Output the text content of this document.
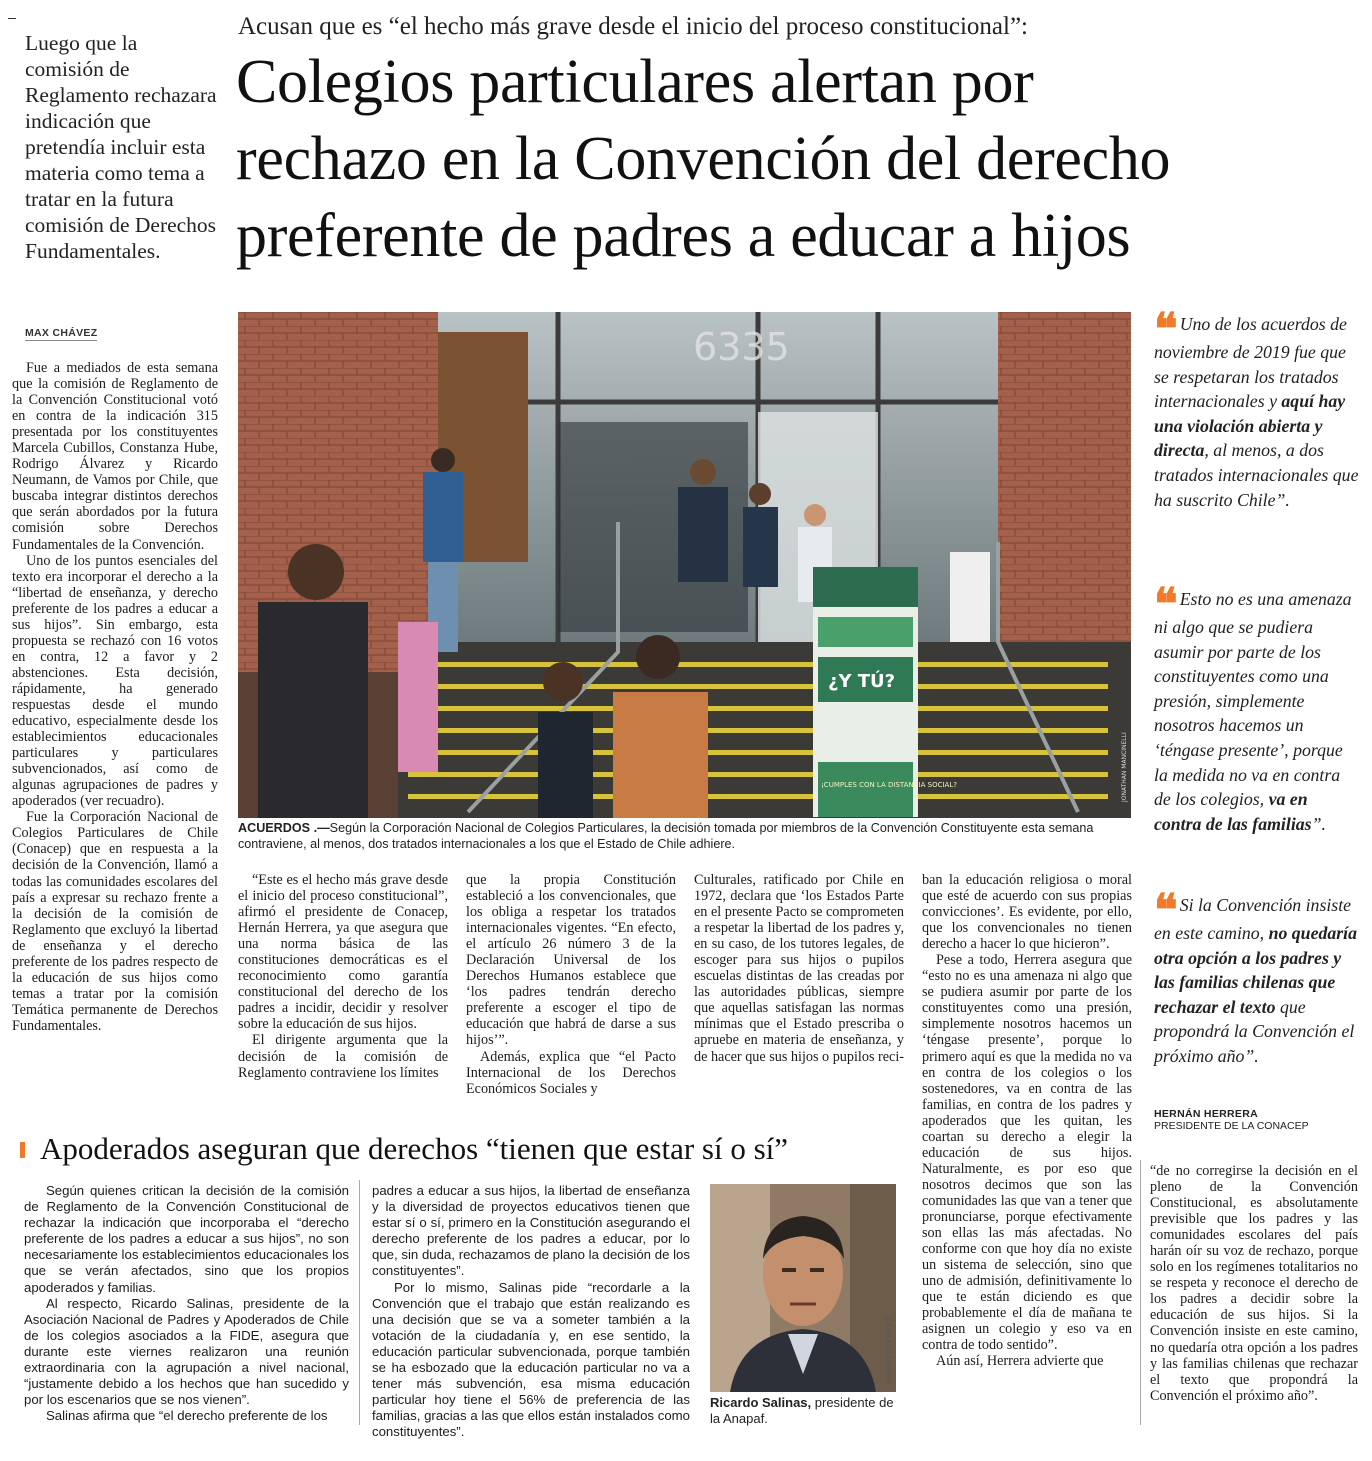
Acusan que es “el hecho más grave desde el inicio del proceso constitucional”:
Colegios particulares alertan por
rechazo en la Convención del derecho
preferente de padres a educar a hijos
Luego que la comisión de Reglamento rechazara indicación que pretendía incluir esta materia como tema a tratar en la futura comisión de Derechos Fundamentales.
MAX CHÁVEZ

Fue a mediados de esta semana que la comisión de Reglamento de la Convención Constitucional votó en contra de la indicación 315 presentada por los constituyentes Marcela Cubillos, Constanza Hube, Rodrigo Álvarez y Ricardo Neumann, de Vamos por Chile, que buscaba integrar distintos derechos que serán abordados por la futura comisión sobre Derechos Fundamentales de la Convención.

Uno de los puntos esenciales del texto era incorporar el derecho a la “libertad de enseñanza, y derecho preferente de los padres a educar a sus hijos”. Sin embargo, esta propuesta se rechazó con 16 votos en contra, 12 a favor y 2 abstenciones. Esta decisión, rápidamente, ha generado respuestas desde el mundo educativo, especialmente desde los establecimientos educacionales particulares y particulares subvencionados, así como de algunas agrupaciones de padres y apoderados (ver recuadro).

Fue la Corporación Nacional de Colegios Particulares de Chile (Conacep) que en respuesta a la decisión de la Convención, llamó a todas las comunidades escolares del país a expresar su rechazo frente a la decisión de la comisión de Reglamento que excluyó la libertad de enseñanza y el derecho preferente de los padres respecto de la educación de sus hijos como temas a tratar por la comisión Temática permanente de Derechos Fundamentales.

6335
¿Y TÚ?
¡CUMPLES CON LA DISTANCIA SOCIAL?	JONATHAN MANCINELLI
ACUERDOS .—Según la Corporación Nacional de Colegios Particulares, la decisión tomada por miembros de la Convención Constituyente esta semana contraviene, al menos, dos tratados internacionales a los que el Estado de Chile adhiere.

“Este es el hecho más grave desde el inicio del proceso constitucional”, afirmó el presidente de Conacep, Hernán Herrera, ya que asegura que una norma básica de las constituciones democráticas es el reconocimiento como garantía constitucional del derecho de los padres a incidir, decidir y resolver sobre la educación de sus hijos.

El dirigente argumenta que la decisión de la comisión de Reglamento contraviene los límites

que la propia Constitución estableció a los convencionales, que los obliga a respetar los tratados internacionales vigentes. “En efecto, el artículo 26 número 3 de la Declaración Universal de los Derechos Humanos establece que ‘los padres tendrán derecho preferente a escoger el tipo de educación que habrá de darse a sus hijos’”.

Además, explica que “el Pacto Internacional de los Derechos Económicos Sociales y

Culturales, ratificado por Chile en 1972, declara que ‘los Estados Parte en el presente Pacto se comprometen a respetar la libertad de los padres y, en su caso, de los tutores legales, de escoger para sus hijos o pupilos escuelas distintas de las creadas por las autoridades públicas, siempre que aquellas satisfagan las normas mínimas que el Estado prescriba o apruebe en materia de enseñanza, y de hacer que sus hijos o pupilos reci-

ban la educación religiosa o moral que esté de acuerdo con sus propias convicciones’. Es evidente, por ello, que los convencionales no tienen derecho a hacer lo que hicieron”.

Pese a todo, Herrera asegura que “esto no es una amenaza ni algo que se pudiera asumir por parte de los constituyentes como una presión, simplemente nosotros hacemos un ‘téngase presente’, porque lo primero aquí es que la medida no va en contra de los colegios o los sostenedores, va en contra de las familias, en contra de los padres y apoderados que les quitan, les coartan su derecho a elegir la educación de sus hijos. Naturalmente, es por eso que nosotros decimos que son las comunidades las que van a tener que pronunciarse, porque efectivamente son ellas las más afectadas. No conforme con que hoy día no existe un sistema de selección, sino que uno de admisión, definitivamente lo que te están diciendo es que probablemente el día de mañana te asignen un colegio y eso va en contra de todo sentido”.

Aún así, Herrera advierte que

❝ Uno de los acuerdos de noviembre de 2019 fue que se respetaran los tratados internacionales y aquí hay una violación abierta y directa, al menos, a dos tratados internacionales que ha suscrito Chile”.
❝ Esto no es una amenaza ni algo que se pudiera asumir por parte de los constituyentes como una presión, simplemente nosotros hacemos un ‘téngase presente’, porque la medida no va en contra de los colegios, va en contra de las familias”.
❝ Si la Convención insiste en este camino, no quedaría otra opción a los padres y las familias chilenas que rechazar el texto que propondrá la Convención el próximo año”.
HERNÁN HERRERA
PRESIDENTE DE LA CONACEP
Apoderados aseguran que derechos “tienen que estar sí o sí”

Según quienes critican la decisión de la comisión de Reglamento de la Convención Constitucional de rechazar la indicación que incorporaba el “derecho preferente de los padres a educar a sus hijos”, no son necesariamente los establecimientos educacionales los que se verán afectados, sino que los propios apoderados y familias.

Al respecto, Ricardo Salinas, presidente de la Asociación Nacional de Padres y Apoderados de Chile de los colegios asociados a la FIDE, asegura que durante este viernes realizaron una reunión extraordinaria con la agrupación a nivel nacional, “justamente debido a los hechos que han sucedido y por los escenarios que se nos vienen”.

Salinas afirma que “el derecho preferente de los

padres a educar a sus hijos, la libertad de enseñanza y la diversidad de proyectos educativos tienen que estar sí o sí, primero en la Constitución asegurando el derecho preferente de los padres a educar, por lo que, sin duda, rechazamos de plano la decisión de los constituyentes”.

Por lo mismo, Salinas pide “recordarle a la Convención que el trabajo que están realizando es una decisión que se va a someter también a la votación de la ciudadanía y, en ese sentido, la educación particular subvencionada, porque también se ha esbozado que la educación particular no va a tener más subvención, esa misma educación particular hoy tiene el 56% de preferencia de las familias, gracias a las que ellos están instalados como constituyentes”.

MAURICIO PÉREZ
Ricardo Salinas, presidente de la Anapaf.

“de no corregirse la decisión en el pleno de la Convención Constitucional, es absolutamente previsible que los padres y las comunidades escolares del país harán oír su voz de rechazo, porque solo en los regímenes totalitarios no se respeta y reconoce el derecho de los padres a decidir sobre la educación de sus hijos. Si la Convención insiste en este camino, no quedaría otra opción a los padres y las familias chilenas que rechazar el texto que propondrá la Convención el próximo año”.
